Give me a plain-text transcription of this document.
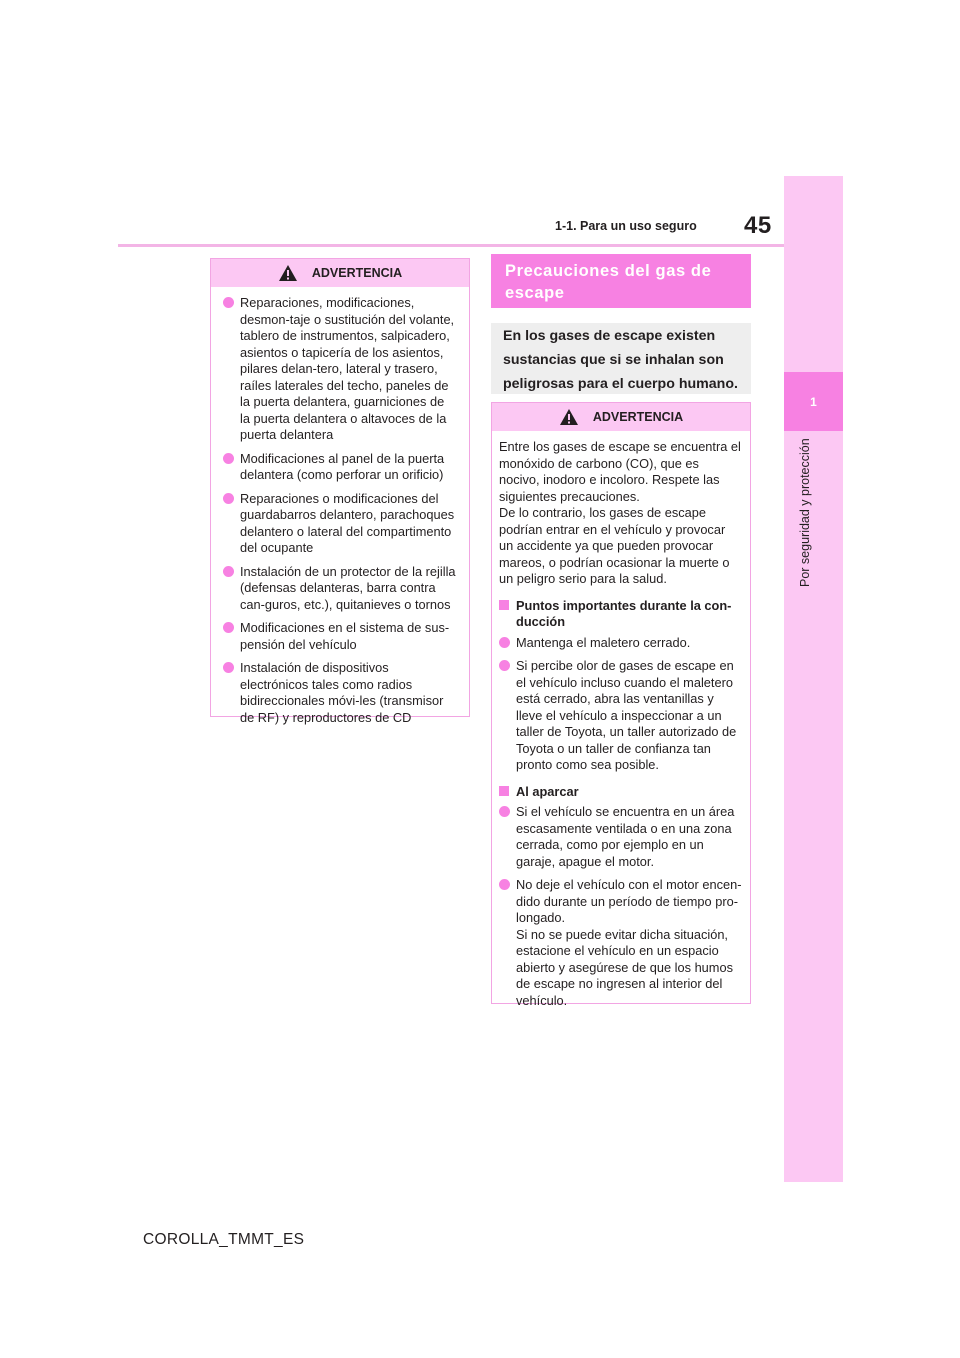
45
1-1. Para un uso seguro
1
Por seguridad y protección
ADVERTENCIA
Reparaciones, modificaciones, desmon-taje o sustitución del volante, tablero de instrumentos, salpicadero, asientos o tapicería de los asientos, pilares delan-tero, lateral y trasero, raíles laterales del techo, paneles de la puerta delantera, guarniciones de la puerta delantera o altavoces de la puerta delantera
Modificaciones al panel de la puerta delantera (como perforar un orificio)
Reparaciones o modificaciones del guardabarros delantero, parachoques delantero o lateral del compartimento del ocupante
Instalación de un protector de la rejilla (defensas delanteras, barra contra can-guros, etc.), quitanieves o tornos
Modificaciones en el sistema de sus-pensión del vehículo
Instalación de dispositivos electrónicos tales como radios bidireccionales móvi-les (transmisor de RF) y reproductores de CD
Precauciones del gas de escape
En los gases de escape existen sustancias que si se inhalan son peligrosas para el cuerpo humano.
ADVERTENCIA
Entre los gases de escape se encuentra el monóxido de carbono (CO), que es nocivo, inodoro e incoloro. Respete las siguientes precauciones.
De lo contrario, los gases de escape podrían entrar en el vehículo y provocar un accidente ya que pueden provocar mareos, o podrían ocasionar la muerte o un peligro serio para la salud.
Puntos importantes durante la con-ducción
Mantenga el maletero cerrado.
Si percibe olor de gases de escape en el vehículo incluso cuando el maletero está cerrado, abra las ventanillas y lleve el vehículo a inspeccionar a un taller de Toyota, un taller autorizado de Toyota o un taller de confianza tan pronto como sea posible.
Al aparcar
Si el vehículo se encuentra en un área escasamente ventilada o en una zona cerrada, como por ejemplo en un garaje, apague el motor.
No deje el vehículo con el motor encen-dido durante un período de tiempo pro-longado.
Si no se puede evitar dicha situación, estacione el vehículo en un espacio abierto y asegúrese de que los humos de escape no ingresen al interior del vehículo.
COROLLA_TMMT_ES
